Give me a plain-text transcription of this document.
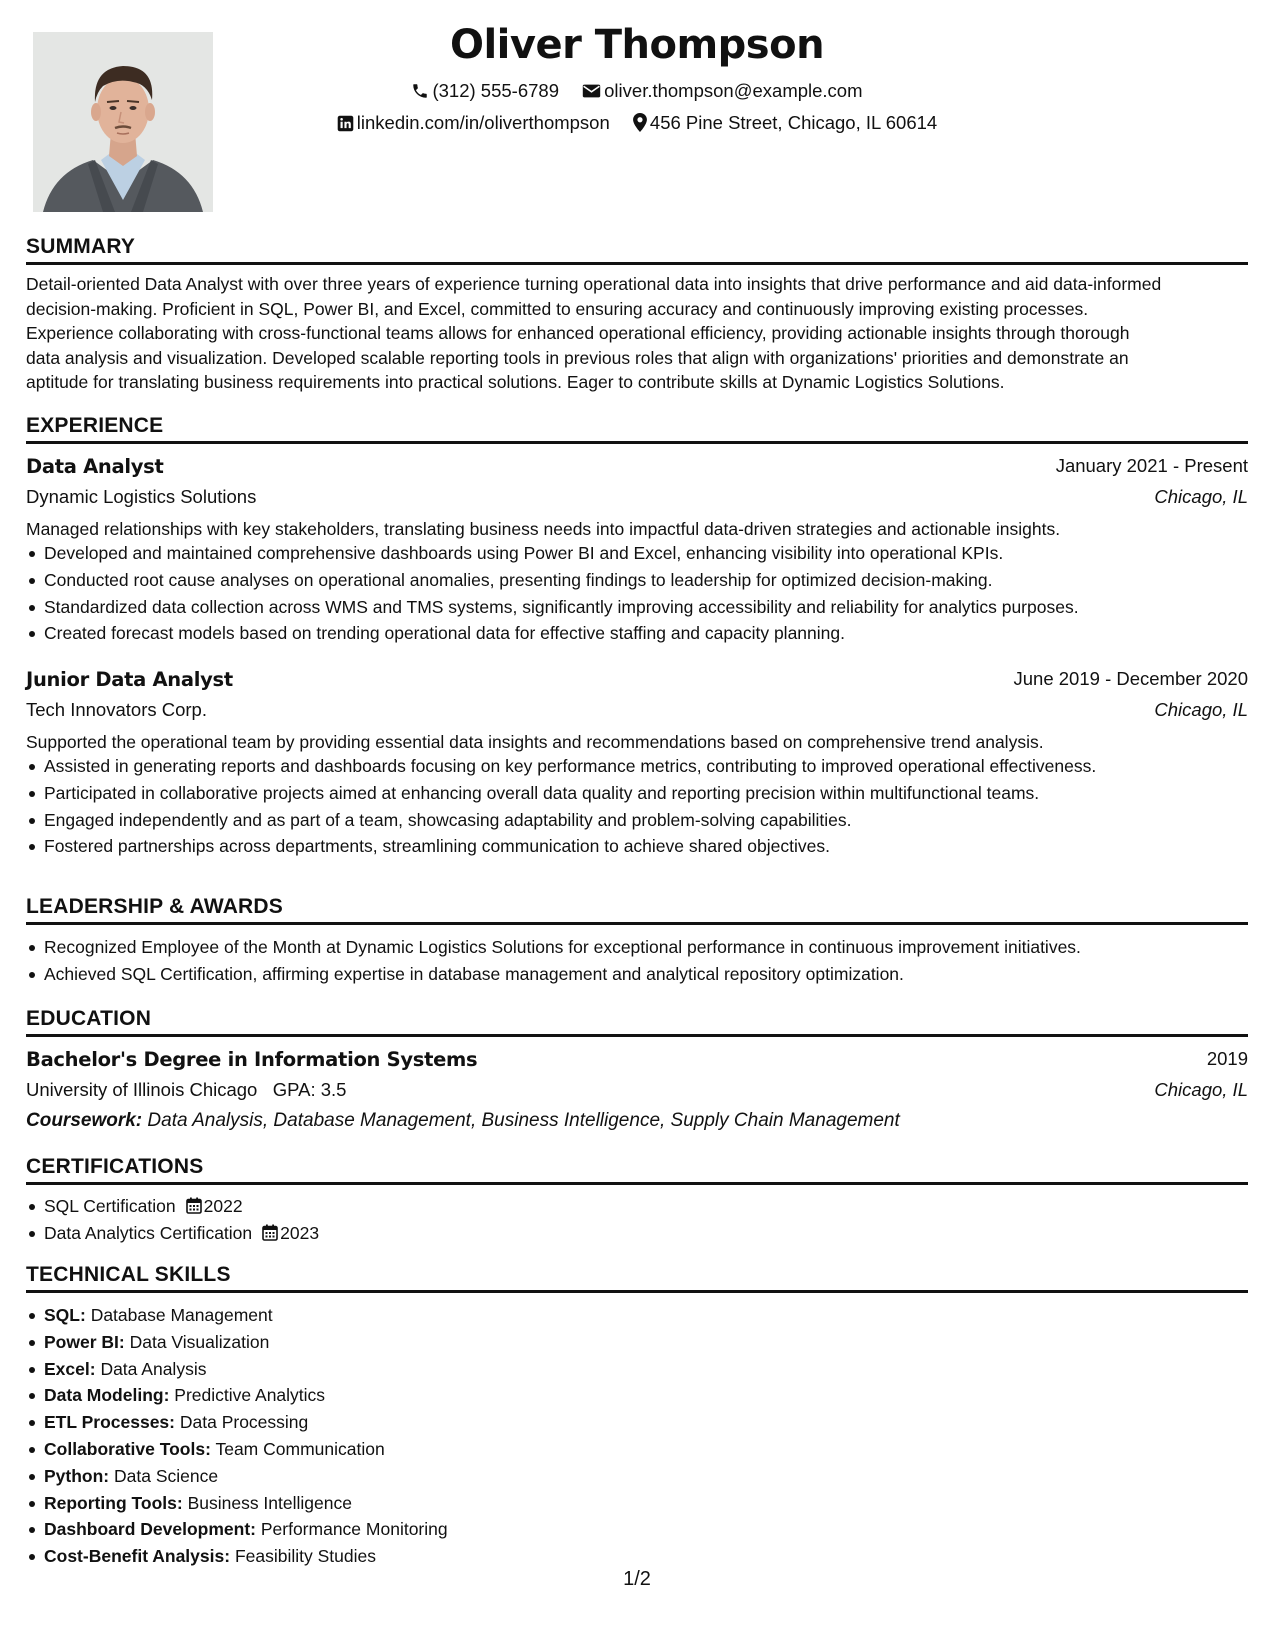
Oliver Thompson
(312) 555-6789 oliver.thompson@example.com
linkedin.com/in/oliverthompson 456 Pine Street, Chicago, IL 60614
SUMMARY
Detail-oriented Data Analyst with over three years of experience turning operational data into insights that drive performance and aid data-informed
decision-making. Proficient in SQL, Power BI, and Excel, committed to ensuring accuracy and continuously improving existing processes.
Experience collaborating with cross-functional teams allows for enhanced operational efficiency, providing actionable insights through thorough
data analysis and visualization. Developed scalable reporting tools in previous roles that align with organizations' priorities and demonstrate an
aptitude for translating business requirements into practical solutions. Eager to contribute skills at Dynamic Logistics Solutions.
EXPERIENCE
Data Analyst	January 2021 - Present
Dynamic Logistics Solutions	Chicago, IL
Managed relationships with key stakeholders, translating business needs into impactful data-driven strategies and actionable insights.
Developed and maintained comprehensive dashboards using Power BI and Excel, enhancing visibility into operational KPIs.
Conducted root cause analyses on operational anomalies, presenting findings to leadership for optimized decision-making.
Standardized data collection across WMS and TMS systems, significantly improving accessibility and reliability for analytics purposes.
Created forecast models based on trending operational data for effective staffing and capacity planning.
Junior Data Analyst	June 2019 - December 2020
Tech Innovators Corp.	Chicago, IL
Supported the operational team by providing essential data insights and recommendations based on comprehensive trend analysis.
Assisted in generating reports and dashboards focusing on key performance metrics, contributing to improved operational effectiveness.
Participated in collaborative projects aimed at enhancing overall data quality and reporting precision within multifunctional teams.
Engaged independently and as part of a team, showcasing adaptability and problem-solving capabilities.
Fostered partnerships across departments, streamlining communication to achieve shared objectives.
LEADERSHIP & AWARDS
Recognized Employee of the Month at Dynamic Logistics Solutions for exceptional performance in continuous improvement initiatives.
Achieved SQL Certification, affirming expertise in database management and analytical repository optimization.
EDUCATION
Bachelor's Degree in Information Systems	2019
University of Illinois Chicago GPA: 3.5	Chicago, IL
Coursework: Data Analysis, Database Management, Business Intelligence, Supply Chain Management
CERTIFICATIONS
SQL Certification 2022
Data Analytics Certification 2023
TECHNICAL SKILLS
SQL: Database Management
Power BI: Data Visualization
Excel: Data Analysis
Data Modeling: Predictive Analytics
ETL Processes: Data Processing
Collaborative Tools: Team Communication
Python: Data Science
Reporting Tools: Business Intelligence
Dashboard Development: Performance Monitoring
Cost-Benefit Analysis: Feasibility Studies
1/2
